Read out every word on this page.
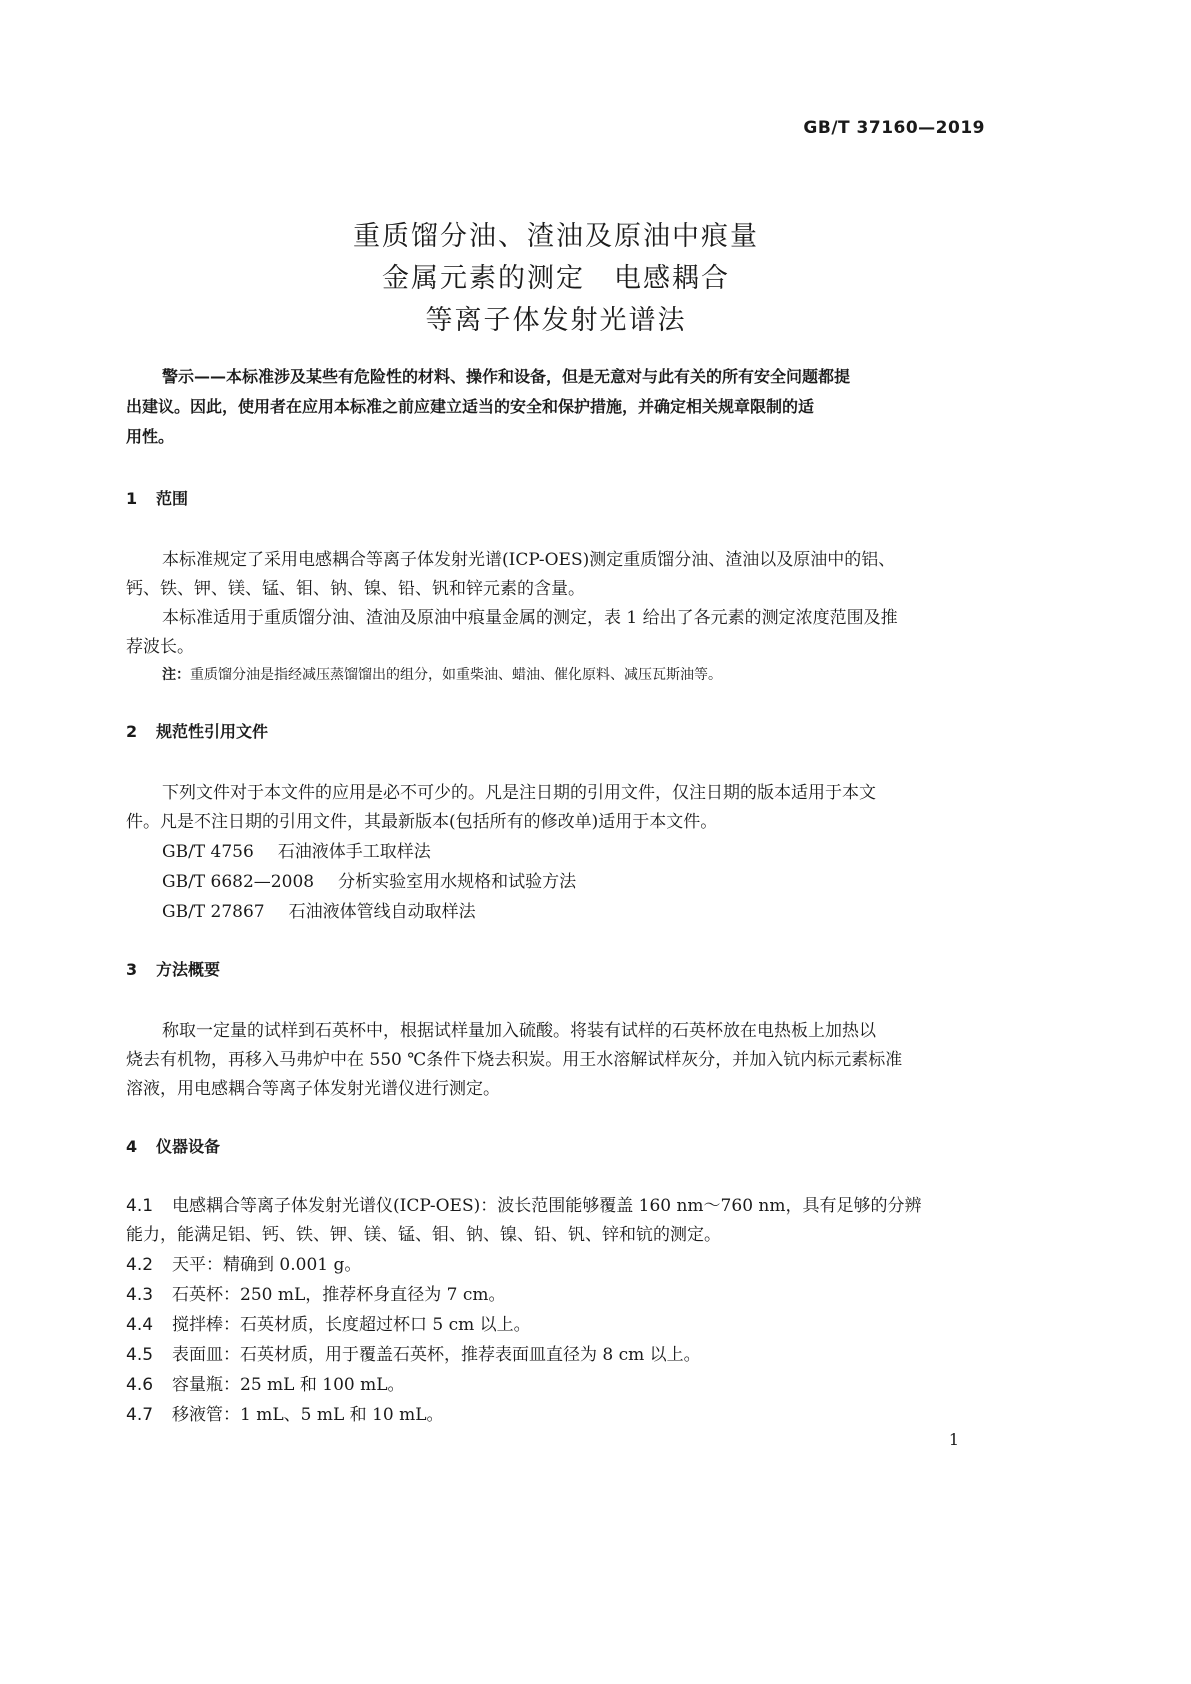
GB/T 37160—2019
重质馏分油、渣油及原油中痕量
金属元素的测定　电感耦合
等离子体发射光谱法
警示——本标准涉及某些有危险性的材料、操作和设备，但是无意对与此有关的所有安全问题都提
出建议。因此，使用者在应用本标准之前应建立适当的安全和保护措施，并确定相关规章限制的适
用性。
1 范围
本标准规定了采用电感耦合等离子体发射光谱(ICP-OES)测定重质馏分油、渣油以及原油中的铝、
钙、铁、钾、镁、锰、钼、钠、镍、铅、钒和锌元素的含量。
本标准适用于重质馏分油、渣油及原油中痕量金属的测定，表 1 给出了各元素的测定浓度范围及推
荐波长。
注：重质馏分油是指经减压蒸馏馏出的组分，如重柴油、蜡油、催化原料、减压瓦斯油等。
2 规范性引用文件
下列文件对于本文件的应用是必不可少的。凡是注日期的引用文件，仅注日期的版本适用于本文
件。凡是不注日期的引用文件，其最新版本(包括所有的修改单)适用于本文件。
GB/T 4756 石油液体手工取样法
GB/T 6682—2008 分析实验室用水规格和试验方法
GB/T 27867 石油液体管线自动取样法
3 方法概要
称取一定量的试样到石英杯中，根据试样量加入硫酸。将装有试样的石英杯放在电热板上加热以
烧去有机物，再移入马弗炉中在 550 ℃条件下烧去积炭。用王水溶解试样灰分，并加入钪内标元素标准
溶液，用电感耦合等离子体发射光谱仪进行测定。
4 仪器设备
4.1 电感耦合等离子体发射光谱仪(ICP-OES)：波长范围能够覆盖 160 nm～760 nm，具有足够的分辨
能力，能满足铝、钙、铁、钾、镁、锰、钼、钠、镍、铅、钒、锌和钪的测定。
4.2 天平：精确到 0.001 g。
4.3 石英杯：250 mL，推荐杯身直径为 7 cm。
4.4 搅拌棒：石英材质，长度超过杯口 5 cm 以上。
4.5 表面皿：石英材质，用于覆盖石英杯，推荐表面皿直径为 8 cm 以上。
4.6 容量瓶：25 mL 和 100 mL。
4.7 移液管：1 mL、5 mL 和 10 mL。
1
